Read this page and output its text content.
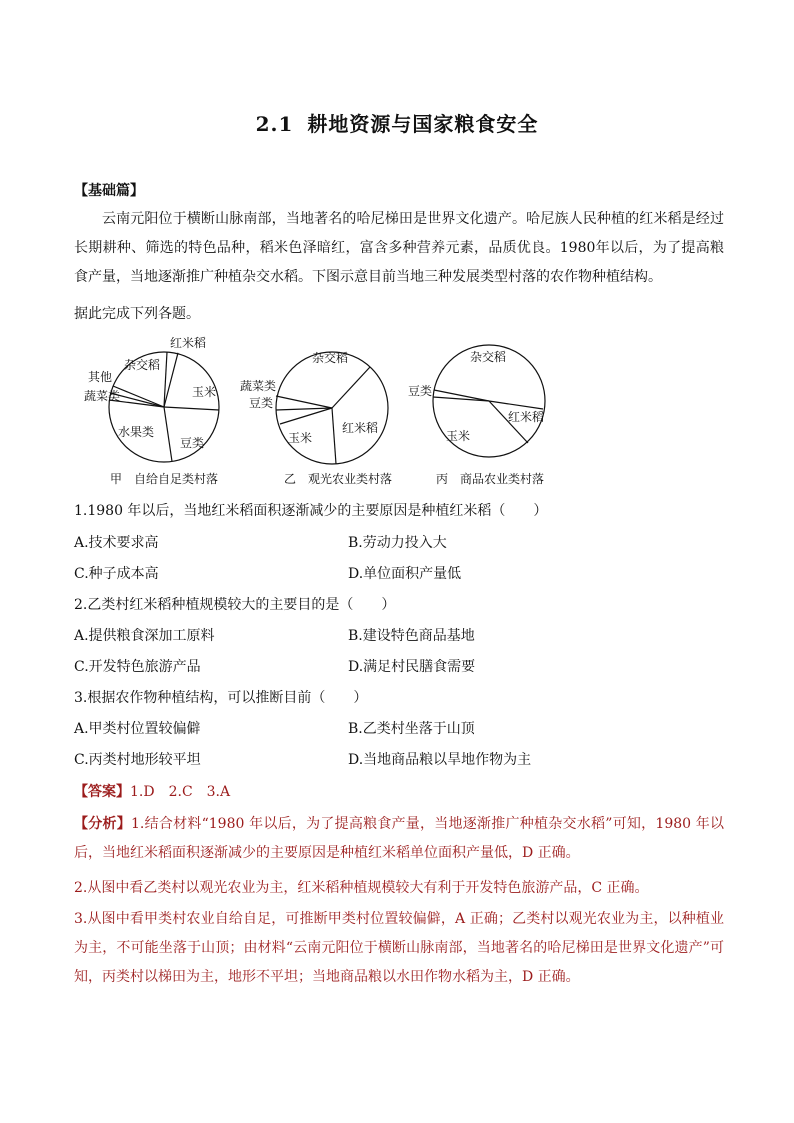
2.1 耕地资源与国家粮食安全
【基础篇】
云南元阳位于横断山脉南部，当地著名的哈尼梯田是世界文化遗产。哈尼族人民种植的红米稻是经过长期耕种、筛选的特色品种，稻米色泽暗红，富含多种营养元素，品质优良。1980年以后，为了提高粮食产量，当地逐渐推广种植杂交水稻。下图示意目前当地三种发展类型村落的农作物种植结构。
据此完成下列各题。
红米稻
杂交稻
其他
蔬菜类
水果类
豆类
玉米
甲　自给自足类村落
杂交稻
蔬菜类
豆类
玉米
红米稻
乙　观光农业类村落
杂交稻
豆类
玉米
红米稻
丙　商品农业类村落
1.1980 年以后，当地红米稻面积逐渐减少的主要原因是种植红米稻（　　）
A.技术要求高	B.劳动力投入大
C.种子成本高	D.单位面积产量低
2.乙类村红米稻种植规模较大的主要目的是（　　）
A.提供粮食深加工原料	B.建设特色商品基地
C.开发特色旅游产品	D.满足村民膳食需要
3.根据农作物种植结构，可以推断目前（　　）
A.甲类村位置较偏僻	B.乙类村坐落于山顶
C.丙类村地形较平坦	D.当地商品粮以旱地作物为主
【答案】1.D　2.C　3.A
【分析】1.结合材料“1980 年以后，为了提高粮食产量，当地逐渐推广种植杂交水稻”可知，1980 年以后，当地红米稻面积逐渐减少的主要原因是种植红米稻单位面积产量低，D 正确。
2.从图中看乙类村以观光农业为主，红米稻种植规模较大有利于开发特色旅游产品，C 正确。
3.从图中看甲类村农业自给自足，可推断甲类村位置较偏僻，A 正确；乙类村以观光农业为主，以种植业为主，不可能坐落于山顶；由材料“云南元阳位于横断山脉南部，当地著名的哈尼梯田是世界文化遗产”可知，丙类村以梯田为主，地形不平坦；当地商品粮以水田作物水稻为主，D 正确。
